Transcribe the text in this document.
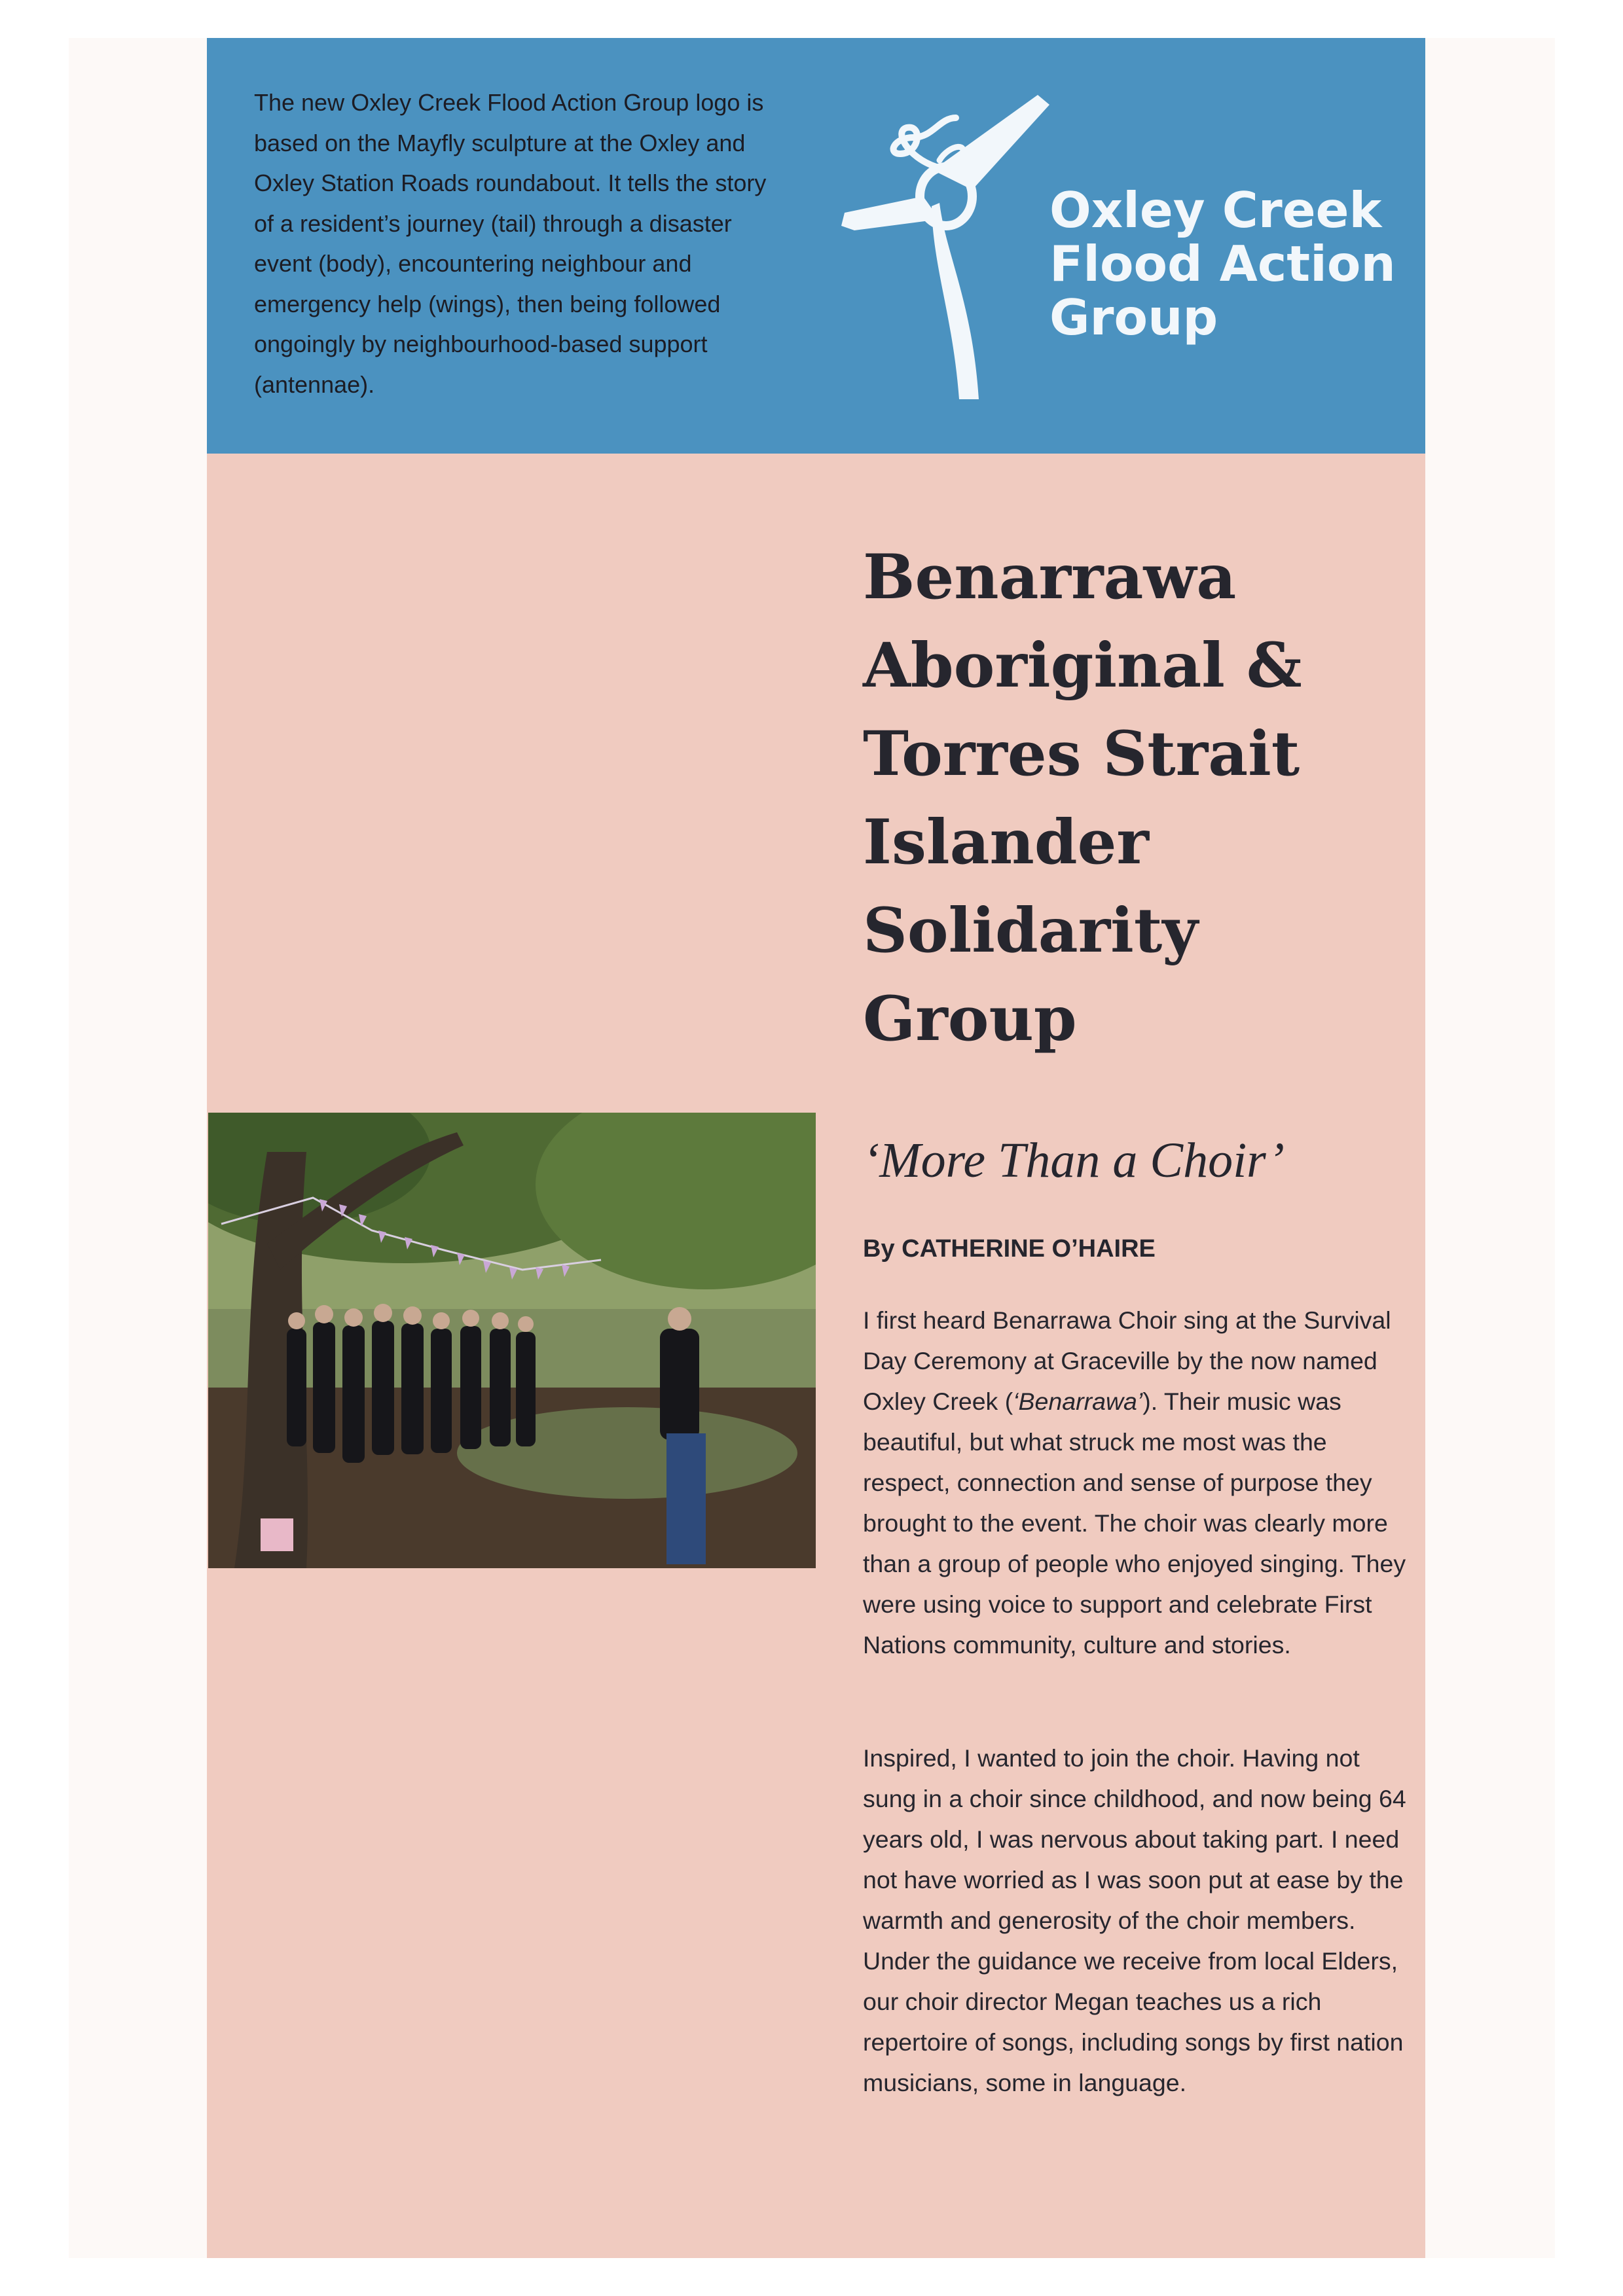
The new Oxley Creek Flood Action Group logo is based on the Mayfly sculpture at the Oxley and Oxley Station Roads roundabout. It tells the story of a resident’s journey (tail) through a disaster event (body), encountering neighbour and emergency help (wings), then being followed ongoingly by neighbourhood-based support (antennae).

Oxley Creek
Flood Action
Group
Benarrawa
Aboriginal &
Torres Strait
Islander
Solidarity
Group
‘More Than a Choir’
By CATHERINE O’HAIRE

I first heard Benarrawa Choir sing at the Survival Day Ceremony at Graceville by the now named Oxley Creek (‘Benarrawa’). Their music was beautiful, but what struck me most was the respect, connection and sense of purpose they brought to the event. The choir was clearly more than a group of people who enjoyed singing. They were using voice to support and celebrate First Nations community, culture and stories.

Inspired, I wanted to join the choir. Having not sung in a choir since childhood, and now being 64 years old, I was nervous about taking part. I need not have worried as I was soon put at ease by the warmth and generosity of the choir members. Under the guidance we receive from local Elders, our choir director Megan teaches us a rich repertoire of songs, including songs by first nation musicians, some in language.
